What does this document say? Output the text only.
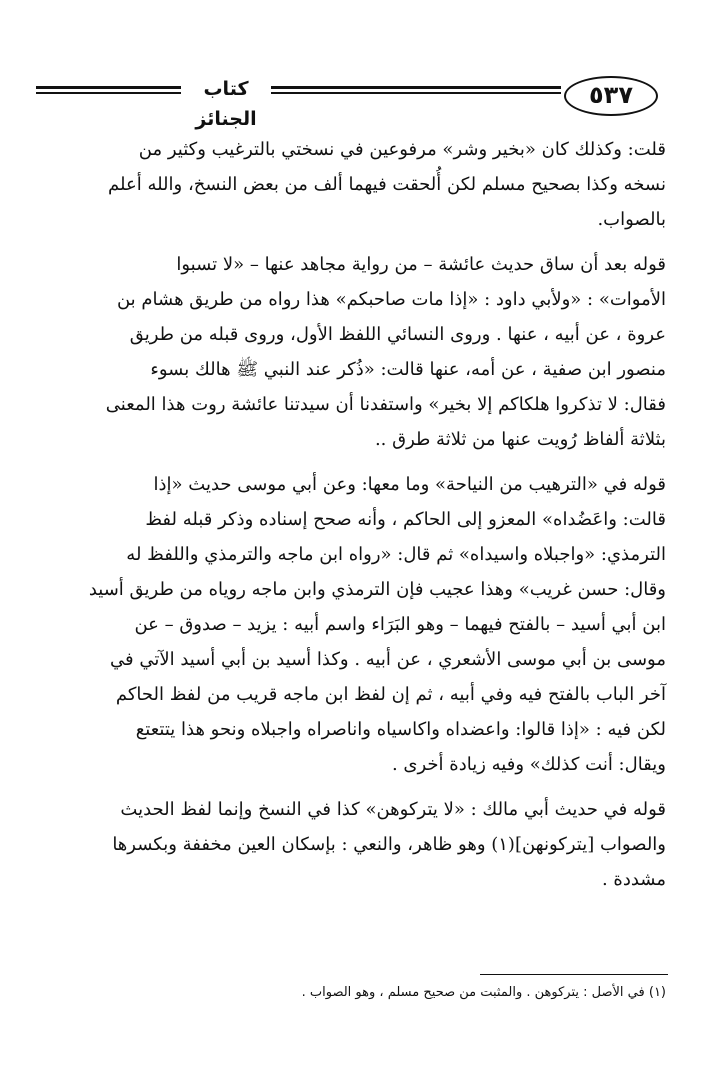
كتاب الجنائز
٥٣٧

قلت: وكذلك كان «بخير وشر» مرفوعين في نسختي بالترغيب وكثير من
نسخه وكذا بصحيح مسلم لكن أُلحقت فيهما ألف من بعض النسخ، والله أعلم
بالصواب.

قوله بعد أن ساق حديث عائشة – من رواية مجاهد عنها – «لا تسبوا
الأموات» : «ولأبي داود : «إذا مات صاحبكم» هذا رواه من طريق هشام بن
عروة ، عن أبيه ، عنها . وروى النسائي اللفظ الأول، وروى قبله من طريق
منصور ابن صفية ، عن أمه، عنها قالت: «ذُكر عند النبي ﷺ هالك بسوء
فقال: لا تذكروا هلكاكم إلا بخير» واستفدنا أن سيدتنا عائشة روت هذا المعنى
بثلاثة ألفاظ رُويت عنها من ثلاثة طرق ..

قوله في «الترهيب من النياحة» وما معها: وعن أبي موسى حديث «إذا
قالت: واعَضُداه» المعزو إلى الحاكم ، وأنه صحح إسناده وذكر قبله لفظ
الترمذي: «واجبلاه واسيداه» ثم قال: «رواه ابن ماجه والترمذي واللفظ له
وقال: حسن غريب» وهذا عجيب فإن الترمذي وابن ماجه روياه من طريق أسيد
ابن أبي أسيد – بالفتح فيهما – وهو البَرَاء واسم أبيه : يزيد – صدوق – عن
موسى بن أبي موسى الأشعري ، عن أبيه . وكذا أسيد بن أبي أسيد الآتي في
آخر الباب بالفتح فيه وفي أبيه ، ثم إن لفظ ابن ماجه قريب من لفظ الحاكم
لكن فيه : «إذا قالوا: واعضداه واكاسياه واناصراه واجبلاه ونحو هذا يتتعتع
ويقال: أنت كذلك» وفيه زيادة أخرى .

قوله في حديث أبي مالك : «لا يتركوهن» كذا في النسخ وإنما لفظ الحديث
والصواب [يتركونهن](١) وهو ظاهر، والنعي : بإسكان العين مخففة وبكسرها
مشددة .

(١) في الأصل : يتركوهن . والمثبت من صحيح مسلم ، وهو الصواب .
